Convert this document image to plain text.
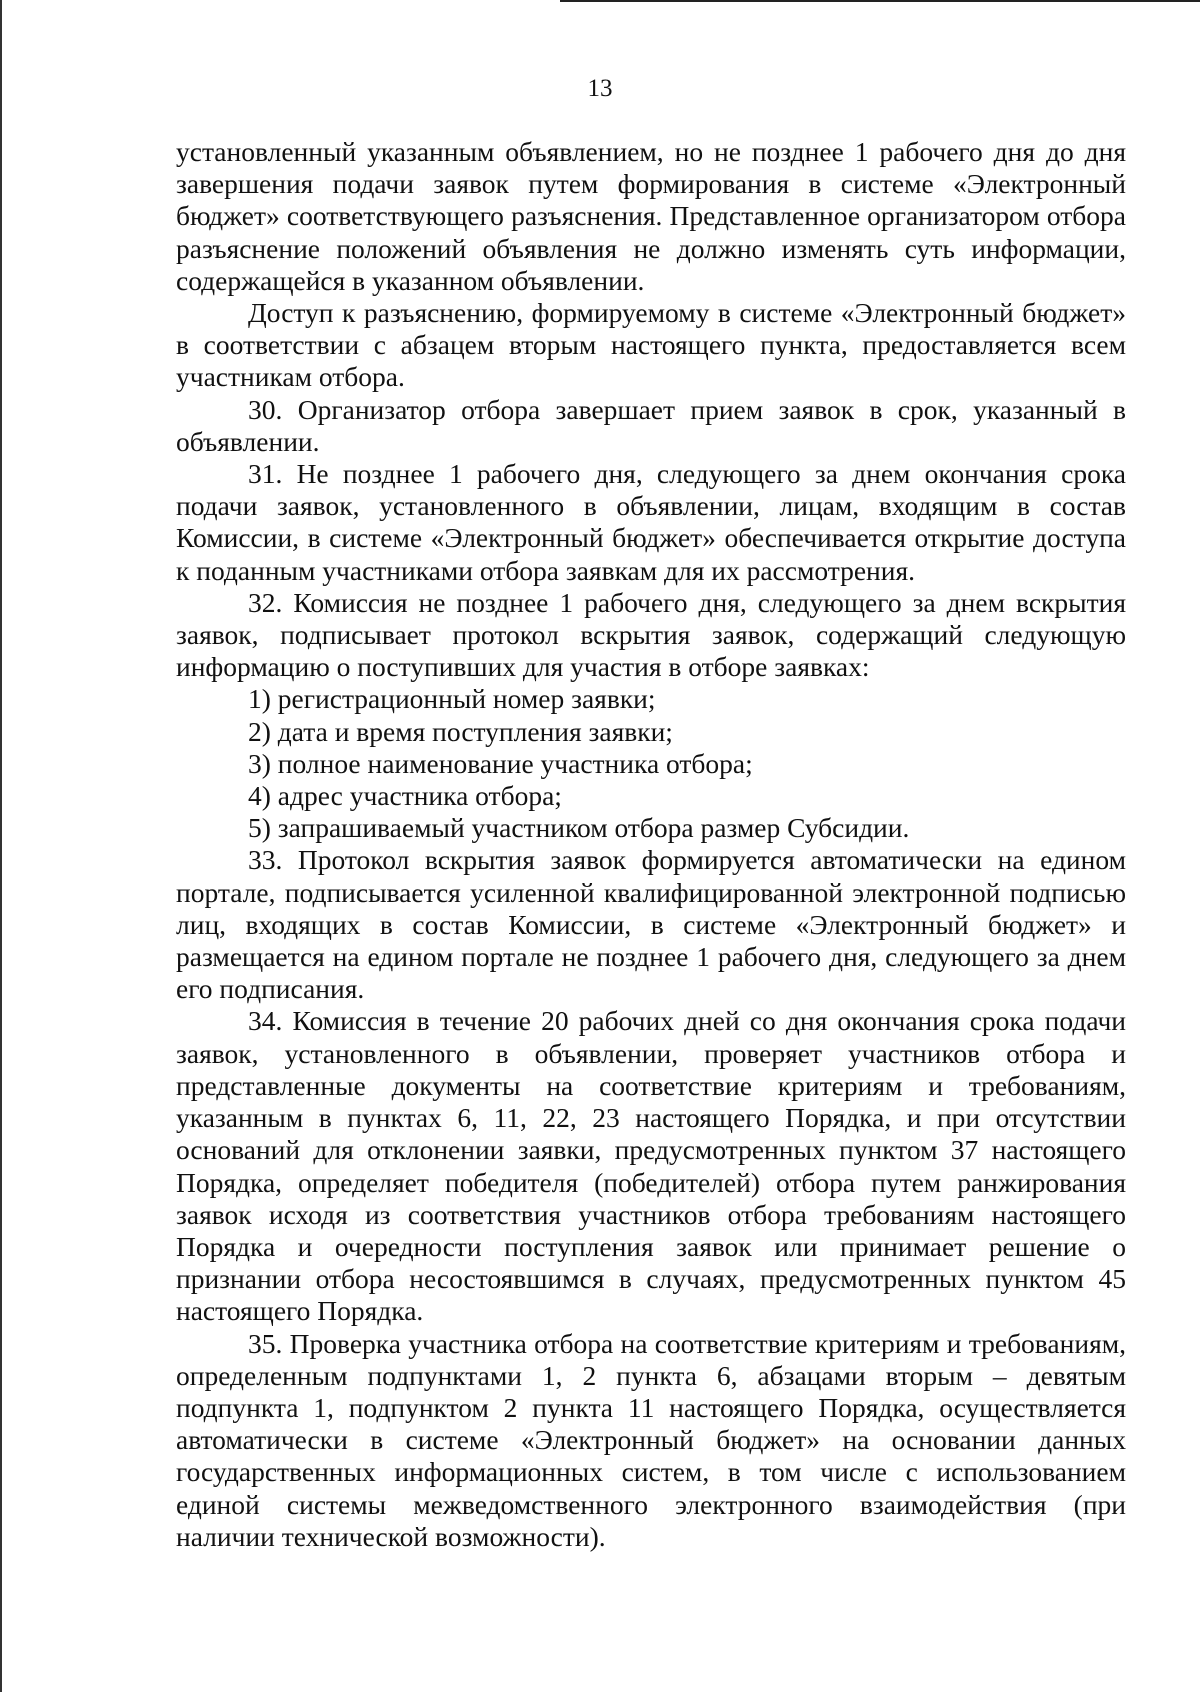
13

установленный указанным объявлением, но не позднее 1 рабочего дня до дня завершения подачи заявок путем формирования в системе «Электронный бюджет» соответствующего разъяснения. Представленное организатором отбора разъяснение положений объявления не должно изменять суть информации, содержащейся в указанном объявлении.

Доступ к разъяснению, формируемому в системе «Электронный бюджет» в соответствии с абзацем вторым настоящего пункта, предоставляется всем участникам отбора.

30. Организатор отбора завершает прием заявок в срок, указанный в объявлении.

31. Не позднее 1 рабочего дня, следующего за днем окончания срока подачи заявок, установленного в объявлении, лицам, входящим в состав Комиссии, в системе «Электронный бюджет» обеспечивается открытие доступа к поданным участниками отбора заявкам для их рассмотрения.

32. Комиссия не позднее 1 рабочего дня, следующего за днем вскрытия заявок, подписывает протокол вскрытия заявок, содержащий следующую информацию о поступивших для участия в отборе заявках:

1) регистрационный номер заявки;

2) дата и время поступления заявки;

3) полное наименование участника отбора;

4) адрес участника отбора;

5) запрашиваемый участником отбора размер Субсидии.

33. Протокол вскрытия заявок формируется автоматически на едином портале, подписывается усиленной квалифицированной электронной подписью лиц, входящих в состав Комиссии, в системе «Электронный бюджет» и размещается на едином портале не позднее 1 рабочего дня, следующего за днем его подписания.

34. Комиссия в течение 20 рабочих дней со дня окончания срока подачи заявок, установленного в объявлении, проверяет участников отбора и представленные документы на соответствие критериям и требованиям, указанным в пунктах 6, 11, 22, 23 настоящего Порядка, и при отсутствии оснований для отклонении заявки, предусмотренных пунктом 37 настоящего Порядка, определяет победителя (победителей) отбора путем ранжирования заявок исходя из соответствия участников отбора требованиям настоящего Порядка и очередности поступления заявок или принимает решение о признании отбора несостоявшимся в случаях, предусмотренных пунктом 45 настоящего Порядка.

35. Проверка участника отбора на соответствие критериям и требованиям, определенным подпунктами 1, 2 пункта 6, абзацами вторым – девятым подпункта 1, подпунктом 2 пункта 11 настоящего Порядка, осуществляется автоматически в системе «Электронный бюджет» на основании данных государственных информационных систем, в том числе с использованием единой системы межведомственного электронного взаимодействия (при наличии технической возможности).
